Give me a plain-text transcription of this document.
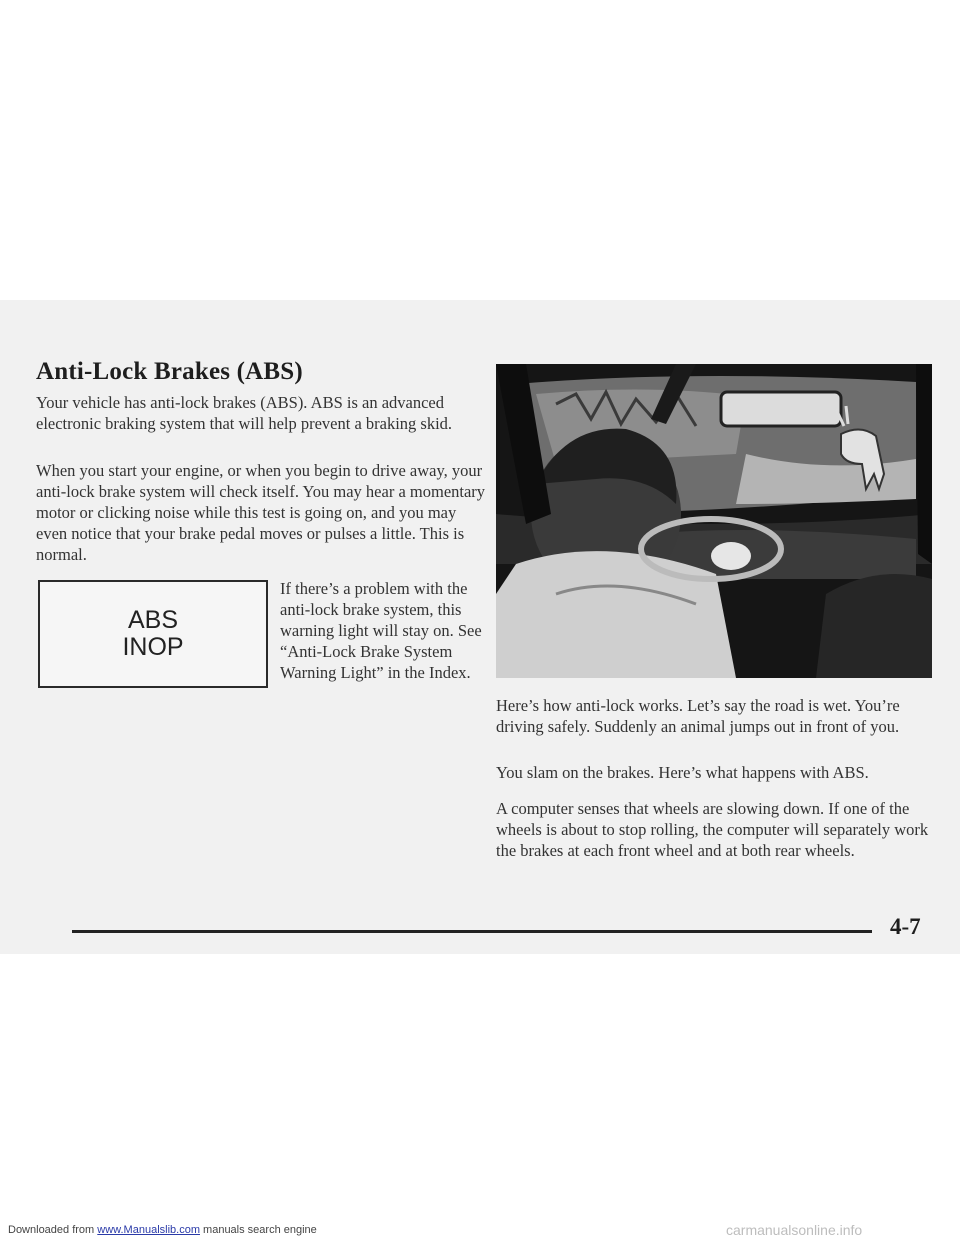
Anti-Lock Brakes (ABS)

Your vehicle has anti-lock brakes (ABS). ABS is an advanced electronic braking system that will help prevent a braking skid.

When you start your engine, or when you begin to drive away, your anti-lock brake system will check itself. You may hear a momentary motor or clicking noise while this test is going on, and you may even notice that your brake pedal moves or pulses a little. This is normal.

ABS
INOP

If there’s a problem with the anti-lock brake system, this warning light will stay on. See “Anti-Lock Brake System Warning Light” in the Index.

Here’s how anti-lock works. Let’s say the road is wet. You’re driving safely. Suddenly an animal jumps out in front of you.

You slam on the brakes. Here’s what happens with ABS.

A computer senses that wheels are slowing down. If one of the wheels is about to stop rolling, the computer will separately work the brakes at each front wheel and at both rear wheels.

4-7

Downloaded from www.Manualslib.com manuals search engine	carmanualsonline.info
